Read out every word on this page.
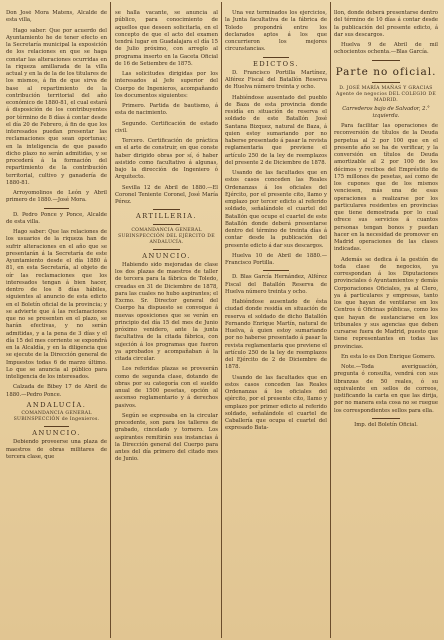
Don José Mora Matens, Alcalde de esta villa,

Hago saber: Que por acuerdo del Ayuntamiento he de tener efecto en la Secretaría municipal la exposición de los relaciones en que se haga constar las alteraciones ocurridas en la riqueza amillarada de la villa actual y en la de la de los titulares de los mismos, á fin de que sirva de base al repartimiento de la contribución territorial del año económico de 1880-81, el cual estará á disposición de los contribuyentes por término de 8 días á contar desde el día 20 de Febrero, á fin de que los interesados puedan presentar las reclamaciones que sean oportunas; en la inteligencia de que pasado dicho plazo no serán admitidas, y se procederá á la formación del repartimiento de la contribución territorial, cultivo y ganadería de 1880-81.

Arroyomolinos de León y Abril primero de 1880.—José Mora.

D. Pedro Ponce y Ponce, Alcalde de esta villa.

Hago saber: Que las relaciones de los usuarios de la riqueza han de sufrir alteraciones en el año que se presentarán á la Secretaría de este Ayuntamiento desde el día 1880 á 81, en esta Secretaría, al objeto de oír las reclamaciones que los interesados tengan á bien hacer, dentro de los 8 días hábiles, siguientes al anuncio de esta edicto en el Boletín oficial de la provincia; y se advierte que á las reclamaciones que no se presenten en el plazo, se harán efectivas, y no serán admitidas, y a la pena de 3 días y el día 15 del mes corriente se expondrá en la Alcaldía, y en la diligencia que se ejecute de la Dirección general de Impuestos todas 6 de marzo último. Lo que se anuncia al público para inteligencia de los interesados.

Calzada de Bibey 17 de Abril de 1880.—Pedro Ponce.

ANDALUCÍA.
COMANDANCIA GENERAL SUBINSPECCIÓN de Ingenieros.
ANUNCIO.

Debiendo proveerse una plaza de maestros de obras militares de tercera clase, que

se halla vacante, se anuncia al público, para conocimiento de aquellos que deseen solicitarla, en el concepto de que el acto del examen tendrá lugar en Guadalajara el día 15 de Julio próximo, con arreglo al programa inserto en la Gaceta Oficial de 16 de Setiembre de 1875.

Las solicitudes dirigidas por los interesados al Jefe superior del Cuerpo de Ingenieros, acompañando los documentos siguientes:

Primero. Partida de bautismo, á esta de nacimiento.

Segundo. Certificación de estado civil.

Tercero. Certificación de práctica en el arte de construir, en que conste haber dirigido obras por sí, ó haber asistido como facultativo á algunas, bajo la dirección de Ingeniero ó Arquitecto.

Sevilla 12 de Abril de 1880.—El Coronel Teniente Coronel, José María Pérez.

ARTILLERIA.
COMANDANCIA GENERAL SUBINSPECCIÓN DEL EJÉRCITO DE ANDALUCÍA.
ANUNCIO.

Habiendo sido mejoradas de clase los dos plazas de maestros de taller de tercera para la fábrica de Toledo, creadas en 31 de Diciembre de 1878, para las cuales no hubo aspirantes; el Excmo. Sr. Director general del Cuerpo ha dispuesto se convoque á nuevas oposiciones que se verán en principio del día 15 del mes de Junio próximo venidero, ante la junta facultativa de la citada fábrica, con sujeción á los programas que fueron ya aprobados y acompañaban á la citada circular.

Los referidas plazas se proveerán como de segunda clase, dotando de obras por su categoría con el sueldo anual de 1500 pesetas, opción al ascenso reglamentario y á derechos pasivos.

Según se expresaba en la circular precedente, son para los talleres de grabado, cincelado y tornero. Los aspirantes remitirán sus instancias á la Dirección general del Cuerpo para antes del día primero del citado mes de Junio.

Una vez terminados los ejercicios, la Junta facultativa de la fábrica de Toledo propondrá entre los declarados aptos á los que concurrieron los mejores circunstancias.

EDICTOS.

D. Francisco Portilla Martínez, Alférez Fiscal del Batallón Reserva de Huelva número treinta y ocho.

Habiéndose ausentado del pueblo de Baza de esta provincia donde residía en situación de reserva el soldado de este Batallón José Santana Bizquez, natural de Baza, á quien estoy sumariando por no haberse presentado á pasar la revista reglamentaria que previene el artículo 250 de la ley de reemplazos del presente 2 de Diciembre de 1878.

Usando de las facultades que en estos casos conceden las Reales Ordenanzas á los oficiales del Ejército, por el presente cito, llamo y emplazo por tercer edicto al referido soldado, señalándole el cuartel del Batallón que ocupe el cuartel de este Batallón donde deberá presentarse dentro del término de treinta días á contar desde la publicación del presente edicto á dar sus descargos.

Huelva 10 de Abril de 1880.—Francisco Portilla.

D. Blas García Hernández, Alférez Fiscal del Batallón Reserva de Huelva número treinta y ocho.

Habiéndose ausentado de ésta ciudad donde residía en situación de reserva el soldado de dicho Batallón Fernando Enrique Martín, natural de Huelva, á quien estoy sumariando por no haberse presentado á pasar la revista reglamentaria que previene el artículo 250 de la ley de reemplazos del Ejército de 2 de Diciembre de 1878.

Usando de las facultades que en estos casos conceden las Reales Ordenanzas á los oficiales del ejército, por el presente cito, llamo y emplazo por primer edicto al referido soldado, señalándole el cuartel de Caballería que ocupa el cuartel del expresado Bata-

llon, donde deberá presentarse dentro del término de 10 días á contar desde la publicación del presente edicto, á dar sus descargos.

Huelva 9 de Abril de mil ochocientos ochenta.—Blas García.

Parte no oficial.
D. JOSÉ MARÍA MAÑAS Y GRACIAS Agente de negocios DEL COLEGIO DE MADRID.

Carrederos bajo de Salvador, 2.° izquierda.

Para facilitar las operaciones de reconversión de títulos de la Deuda perpetua al 2 por 100 que en el presente año se ha de verificar, y la conversión en títulos de Deuda amortizable al 2 por 100 de los décimos y recibos del Empréstito de 175 millones de pesetas, así como de los cupones que de los mismos venciesen, más una de esas operaciones a realizarse por los particulares residentes en provincias que tiene demostrada por lo cual ofrece sus servicios á cuantos personas tengan bonos y puedan hacer en la necesidad de promover en Madrid operaciones de las clases indicadas.

Además se dedica á la gestión de toda clase de negocios, ya correspondan á los Diputaciones provinciales ó Ayuntamientos y demás Corporaciones Oficiales, ya al Clero, ya á particulares y empresas, tanto los que hayan de ventilarse en los Centros ú Oficinas públicas, como los que hayan de sustanciarse en los tribunales y sus agencias que deben cursarse fuera de Madrid, puesto que tiene representantes en todas las provincias.

En esta lo es Don Enrique Gomero.

Note.—Toda averiguación, pregunta ó consulta, vendrá con sus libranzas de 50 reales, ó su equivalente en sellos de correos, justificando la carta en que las dirija, por no manera esta cosa no se ruegue los correspondientes sellos para ella.

Imp. del Boletín Oficial.
